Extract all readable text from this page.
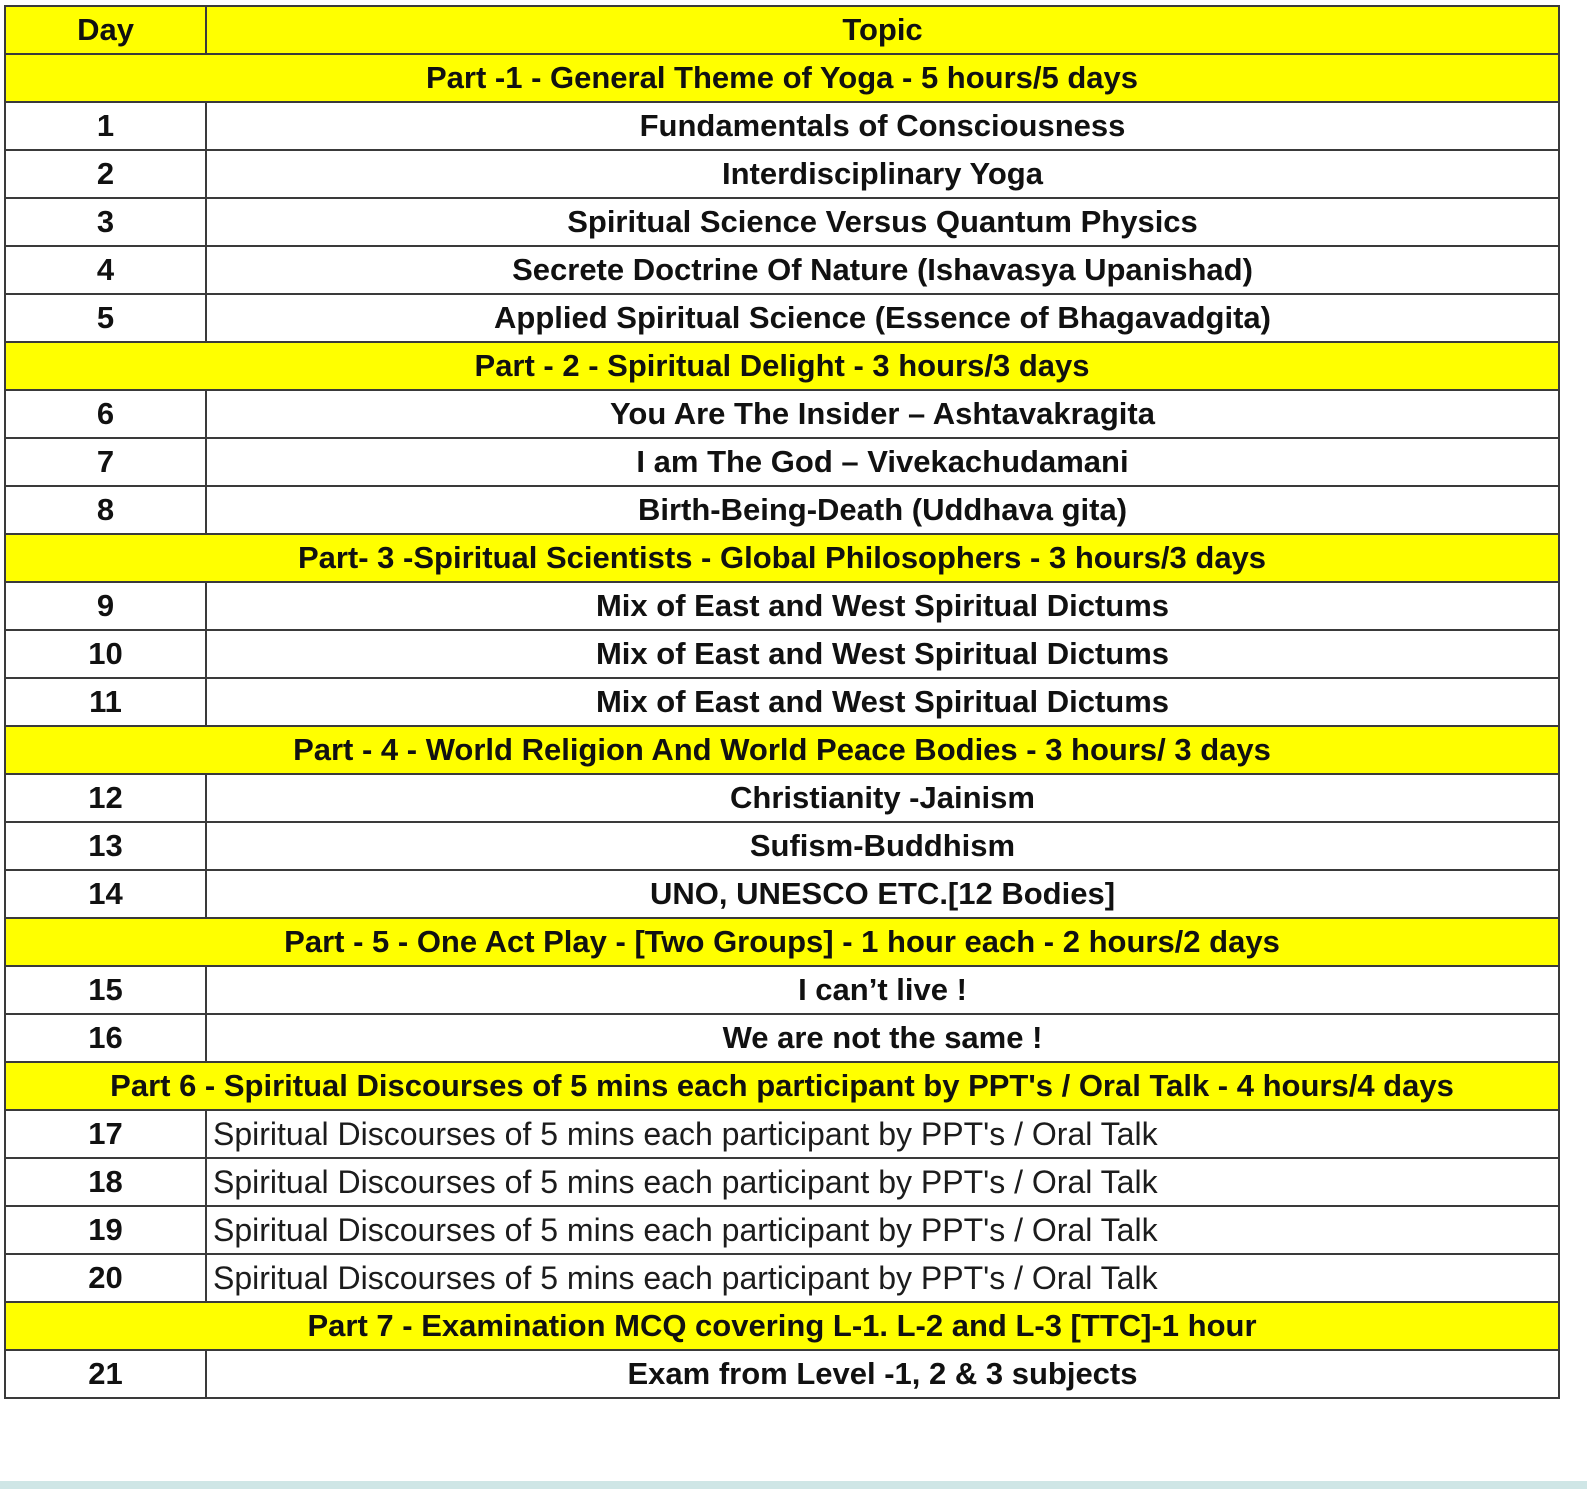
Day	Topic
Part -1 - General Theme of Yoga - 5 hours/5 days	
1	Fundamentals of Consciousness
2	Interdisciplinary Yoga
3	Spiritual Science Versus Quantum Physics
4	Secrete Doctrine Of Nature (Ishavasya Upanishad)
5	Applied Spiritual Science (Essence of Bhagavadgita)
Part - 2 - Spiritual Delight - 3 hours/3 days	
6	You Are The Insider – Ashtavakragita
7	I am The God – Vivekachudamani
8	Birth-Being-Death (Uddhava gita)
Part- 3 -Spiritual Scientists - Global Philosophers - 3 hours/3 days	
9	Mix of East and West Spiritual Dictums
10	Mix of East and West Spiritual Dictums
11	Mix of East and West Spiritual Dictums
Part - 4 - World Religion And World Peace Bodies - 3 hours/ 3 days	
12	Christianity -Jainism
13	Sufism-Buddhism
14	UNO, UNESCO ETC.[12 Bodies]
Part - 5 - One Act Play - [Two Groups] - 1 hour each - 2 hours/2 days	
15	I can’t live !
16	We are not the same !
Part 6 - Spiritual Discourses of 5 mins each participant by PPT's / Oral Talk - 4 hours/4 days	
17	Spiritual Discourses of 5 mins each participant by PPT's / Oral Talk
18	Spiritual Discourses of 5 mins each participant by PPT's / Oral Talk
19	Spiritual Discourses of 5 mins each participant by PPT's / Oral Talk
20	Spiritual Discourses of 5 mins each participant by PPT's / Oral Talk
Part 7 - Examination MCQ covering L-1. L-2 and L-3 [TTC]-1 hour	
21	Exam from Level -1, 2 & 3 subjects
